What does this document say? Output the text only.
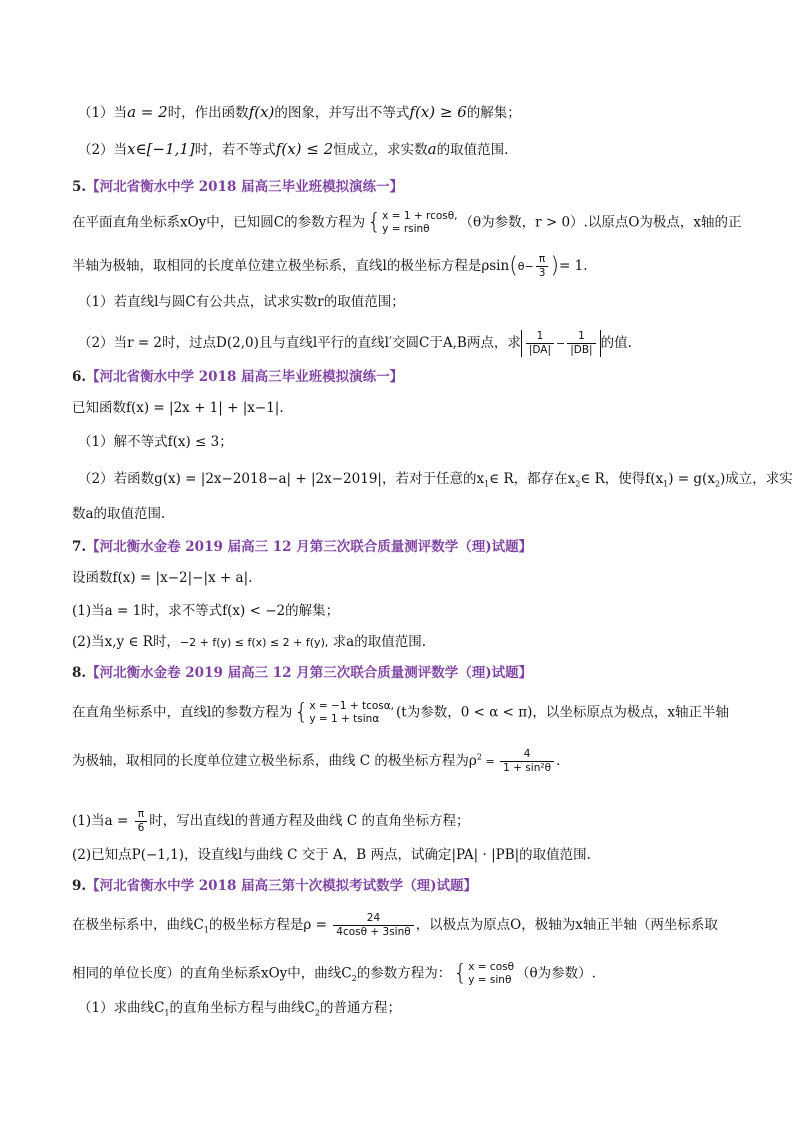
（1）当a = 2时，作出函数f(x)的图象，并写出不等式f(x) ≥ 6的解集；
（2）当x∈[−1,1]时，若不等式f(x) ≤ 2恒成立，求实数a的取值范围.
5.【河北省衡水中学 2018 届高三毕业班模拟演练一】
在平面直角坐标系xOy中，已知圆C的参数方程为 { x = 1 + rcosθ,
y = rsinθ	（θ为参数，r > 0）.以原点O为极点，x轴的正
半轴为极轴，取相同的长度单位建立极坐标系，直线l的极坐标方程是$\rho\sin(\theta- \frac{\pi}{3}$ )= 1.
（1）若直线l与圆C有公共点，试求实数r的取值范围；
（2）当r = 2时，过点D(2,0)且与直线l平行的直线l′交圆C于A,B两点，求 $\frac{1}{|DA|} - \frac{1}{|DB|}$ 的值.
6.【河北省衡水中学 2018 届高三毕业班模拟演练一】
已知函数f(x) = |2x + 1| + |x−1|.
（1）解不等式f(x) ≤ 3；
（2）若函数g(x) = |2x−2018−a| + |2x−2019|，若对于任意的$x_1\in$ R，都存在$x_2\in$ R，使得$f(x_1) = g(x_2)$成立，求实
数a的取值范围.
7.【河北衡水金卷 2019 届高三 12 月第三次联合质量测评数学（理)试题】
设函数f(x) = |x−2|−|x + a|.
(1)当a = 1时，求不等式f(x) < −2的解集；
(2)当x,y ∈ R时，−2 + f(y) ≤ f(x) ≤ 2 + f(y), 求a的取值范围.
8.【河北衡水金卷 2019 届高三 12 月第三次联合质量测评数学（理)试题】
在直角坐标系中，直线l的参数方程为 { x = −1 + tcosα,
y = 1 + tsinα	(t为参数，0 < α < π)，以坐标原点为极点，x轴正半轴
为极轴，取相同的长度单位建立极坐标系，曲线 C 的极坐标方程为$\rho^2 = \frac{4}{\text{1 + sin²θ}}$ .
(1)当$a = \frac{\pi}{6}$ 时，写出直线l的普通方程及曲线 C 的直角坐标方程；
(2)已知点P(−1,1)，设直线l与曲线 C 交于 A，B 两点，试确定|PA| · |PB|的取值范围.
9.【河北省衡水中学 2018 届高三第十次模拟考试数学（理)试题】
在极坐标系中，曲线$C_1$的极坐标方程是$\rho = \frac{24}{4\cos\theta + 3\sin\theta}$ ，以极点为原点O，极轴为x轴正半轴（两坐标系取
相同的单位长度）的直角坐标系xOy中，曲线$C_2$的参数方程为： { x = cosθ
y = sinθ （θ为参数）.
（1）求曲线$C_1$的直角坐标方程与曲线$C_2$的普通方程；
